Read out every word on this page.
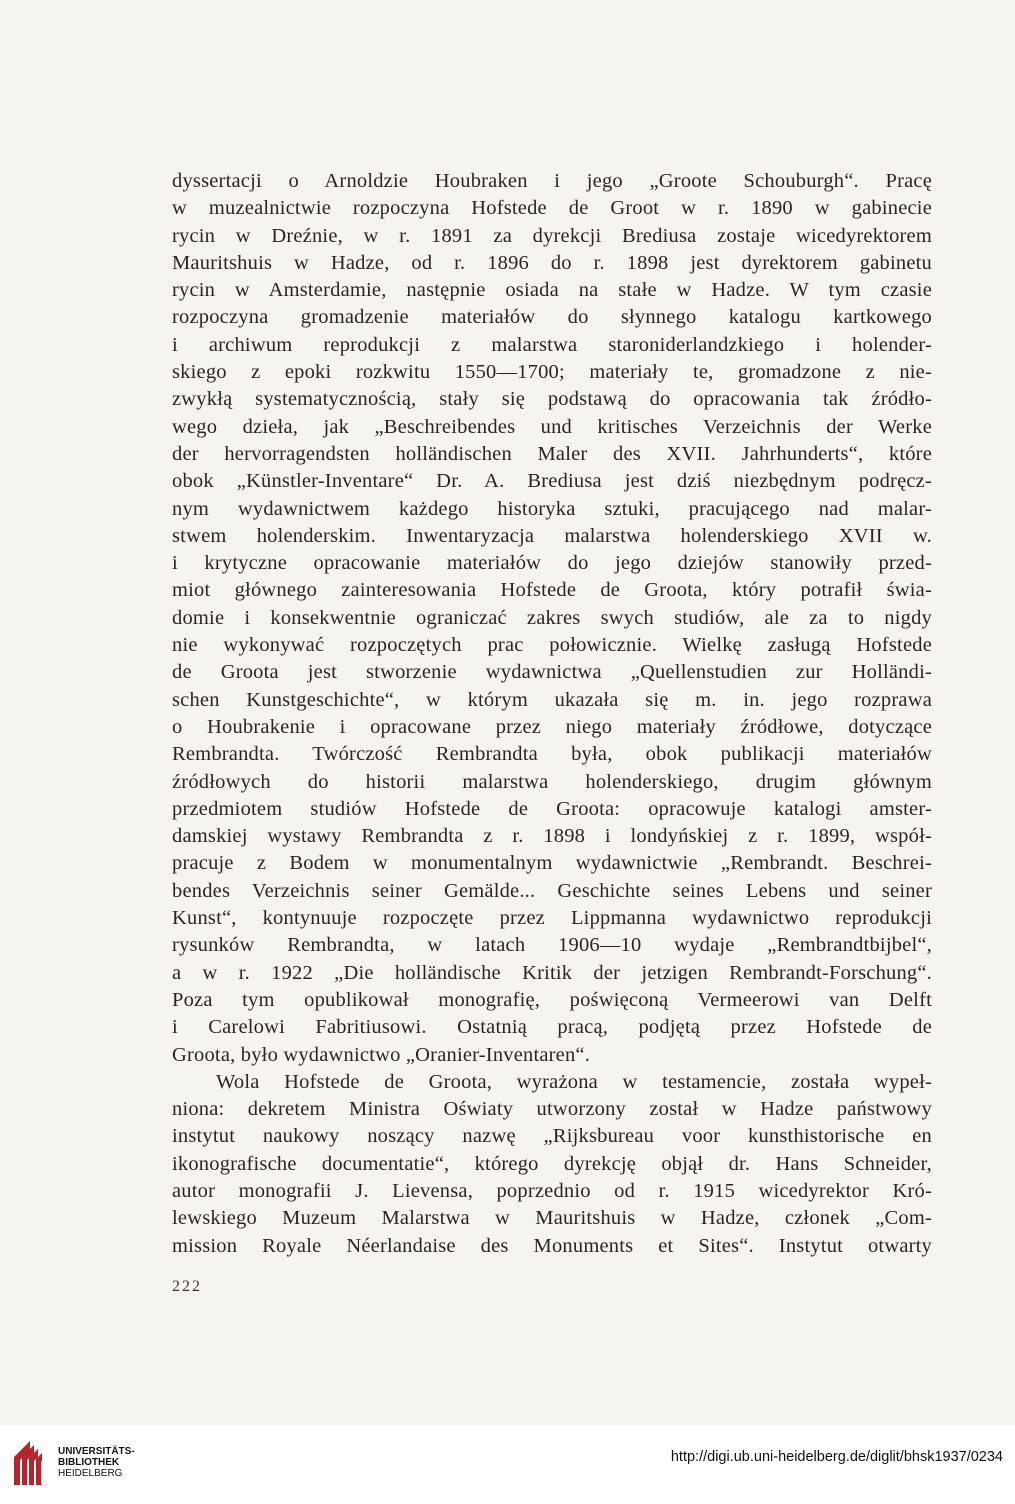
dyssertacji o Arnoldzie Houbraken i jego „Groote Schouburgh“. Pracę
w muzealnictwie rozpoczyna Hofstede de Groot w r. 1890 w gabinecie
rycin w Dreźnie, w r. 1891 za dyrekcji Brediusa zostaje wicedyrektorem
Mauritshuis w Hadze, od r. 1896 do r. 1898 jest dyrektorem gabinetu
rycin w Amsterdamie, następnie osiada na stałe w Hadze. W tym czasie
rozpoczyna gromadzenie materiałów do słynnego katalogu kartkowego
i archiwum reprodukcji z malarstwa staroniderlandzkiego i holender-
skiego z epoki rozkwitu 1550—1700; materiały te, gromadzone z nie-
zwykłą systematycznością, stały się podstawą do opracowania tak źródło-
wego dzieła, jak „Beschreibendes und kritisches Verzeichnis der Werke
der hervorragendsten holländischen Maler des XVII. Jahrhunderts“, które
obok „Künstler-Inventare“ Dr. A. Brediusa jest dziś niezbędnym podręcz-
nym wydawnictwem każdego historyka sztuki, pracującego nad malar-
stwem holenderskim. Inwentaryzacja malarstwa holenderskiego XVII w.
i krytyczne opracowanie materiałów do jego dziejów stanowiły przed-
miot głównego zainteresowania Hofstede de Groota, który potrafił świa-
domie i konsekwentnie ograniczać zakres swych studiów, ale za to nigdy
nie wykonywać rozpoczętych prac połowicznie. Wielkę zasługą Hofstede
de Groota jest stworzenie wydawnictwa „Quellenstudien zur Holländi-
schen Kunstgeschichte“, w którym ukazała się m. in. jego rozprawa
o Houbrakenie i opracowane przez niego materiały źródłowe, dotyczące
Rembrandta. Twórczość Rembrandta była, obok publikacji materiałów
źródłowych do historii malarstwa holenderskiego, drugim głównym
przedmiotem studiów Hofstede de Groota: opracowuje katalogi amster-
damskiej wystawy Rembrandta z r. 1898 i londyńskiej z r. 1899, współ-
pracuje z Bodem w monumentalnym wydawnictwie „Rembrandt. Beschrei-
bendes Verzeichnis seiner Gemälde... Geschichte seines Lebens und seiner
Kunst“, kontynuuje rozpoczęte przez Lippmanna wydawnictwo reprodukcji
rysunków Rembrandta, w latach 1906—10 wydaje „Rembrandtbijbel“,
a w r. 1922 „Die holländische Kritik der jetzigen Rembrandt-Forschung“.
Poza tym opublikował monografię, poświęconą Vermeerowi van Delft
i Carelowi Fabritiusowi. Ostatnią pracą, podjętą przez Hofstede de
Groota, było wydawnictwo „Oranier-Inventaren“.
Wola Hofstede de Groota, wyrażona w testamencie, została wypeł-
niona: dekretem Ministra Oświaty utworzony został w Hadze państwowy
instytut naukowy noszący nazwę „Rijksbureau voor kunsthistorische en
ikonografische documentatie“, którego dyrekcję objął dr. Hans Schneider,
autor monografii J. Lievensa, poprzednio od r. 1915 wicedyrektor Kró-
lewskiego Muzeum Malarstwa w Mauritshuis w Hadze, członek „Com-
mission Royale Néerlandaise des Monuments et Sites“. Instytut otwarty
222
UNIVERSITÄTS-
BIBLIOTHEK
HEIDELBERG
http://digi.ub.uni-heidelberg.de/diglit/bhsk1937/0234
